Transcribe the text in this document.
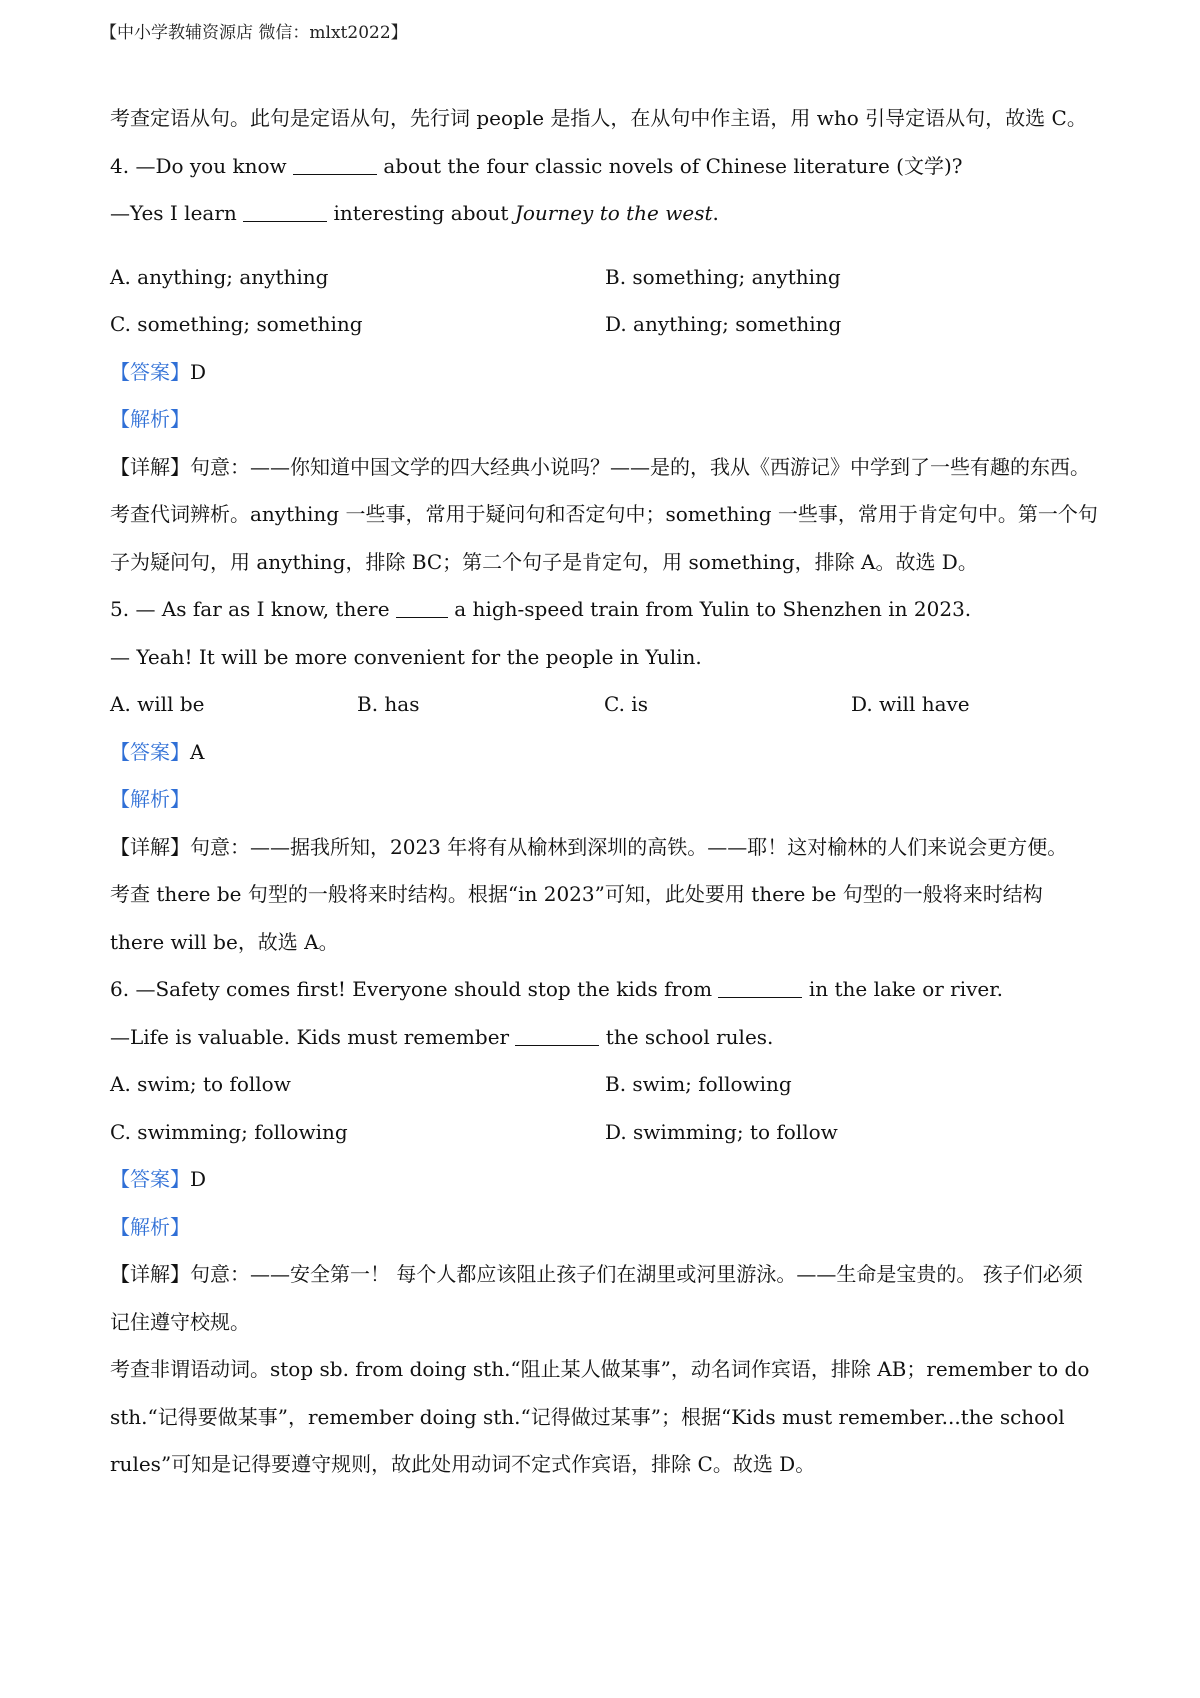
【中小学教辅资源店 微信：mlxt2022】
考查定语从句。此句是定语从句，先行词 people 是指人，在从句中作主语，用 who 引导定语从句，故选 C。
4. —Do you know	about the four classic novels of Chinese literature (文学)?
—Yes I learn	interesting about Journey to the west.
A. anything; anything	B. something; anything
C. something; something	D. anything; something
【答案】D
【解析】
【详解】句意：——你知道中国文学的四大经典小说吗？——是的，我从《西游记》中学到了一些有趣的东西。
考查代词辨析。anything 一些事，常用于疑问句和否定句中；something 一些事，常用于肯定句中。第一个句子为疑问句，用 anything，排除 BC；第二个句子是肯定句，用 something，排除 A。故选 D。
5. — As far as I know, there	a high-speed train from Yulin to Shenzhen in 2023.
— Yeah! It will be more convenient for the people in Yulin.
A. will be	B. has	C. is	D. will have
【答案】A
【解析】
【详解】句意：——据我所知，2023 年将有从榆林到深圳的高铁。——耶！这对榆林的人们来说会更方便。
考查 there be 句型的一般将来时结构。根据“in 2023”可知，此处要用 there be 句型的一般将来时结构 there will be，故选 A。
6. —Safety comes first! Everyone should stop the kids from	in the lake or river.
—Life is valuable. Kids must remember	the school rules.
A. swim; to follow	B. swim; following
C. swimming; following	D. swimming; to follow
【答案】D
【解析】
【详解】句意：——安全第一！ 每个人都应该阻止孩子们在湖里或河里游泳。——生命是宝贵的。 孩子们必须记住遵守校规。
考查非谓语动词。stop sb. from doing sth.“阻止某人做某事”，动名词作宾语，排除 AB；remember to do sth.“记得要做某事”，remember doing sth.“记得做过某事”；根据“Kids must remember...the school rules”可知是记得要遵守规则，故此处用动词不定式作宾语，排除 C。故选 D。
